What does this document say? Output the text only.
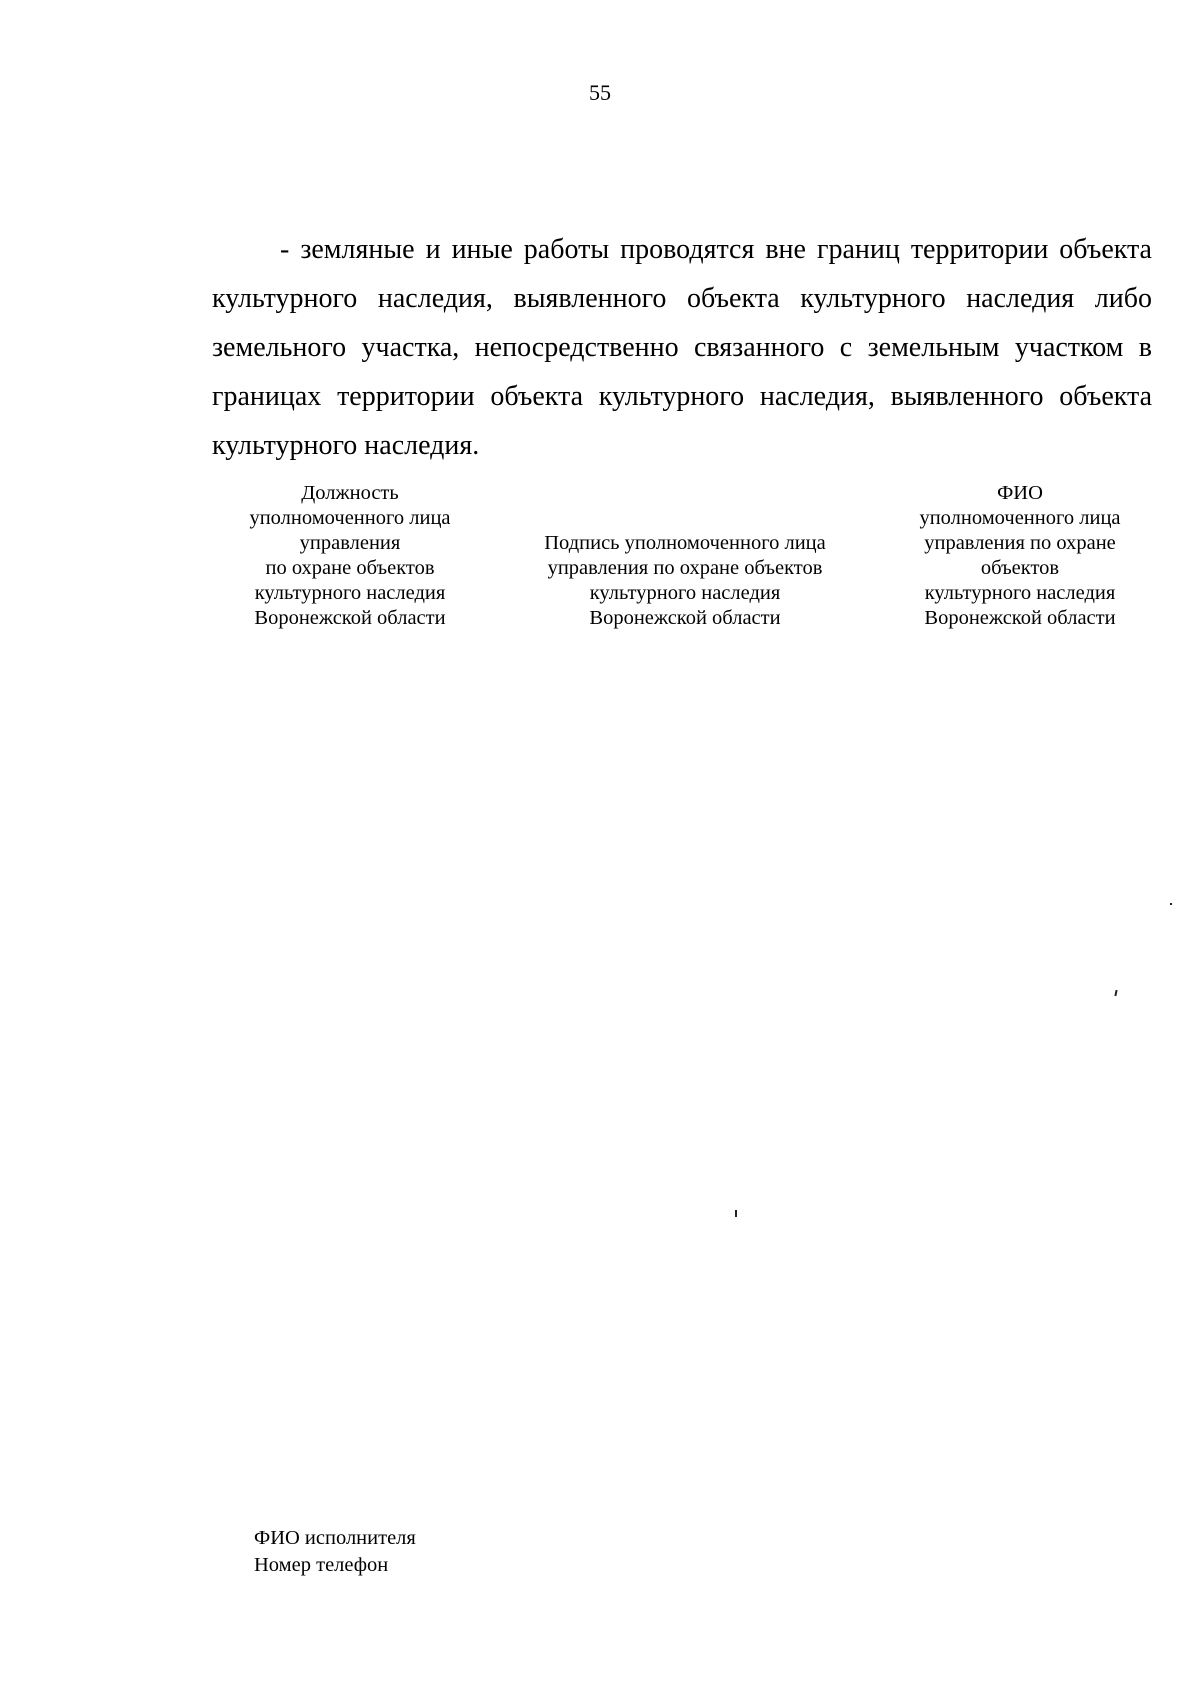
55

- земляные и иные работы проводятся вне границ территории объекта культурного наследия, выявленного объекта культурного наследия либо земельного участка, непосредственно связанного с земельным участком в границах территории объекта культурного наследия, выявленного объекта культурного наследия.

Должность
уполномоченного лица
управления
по охране объектов
культурного наследия
Воронежской области
Подпись уполномоченного лица
управления по охране объектов
культурного наследия
Воронежской области
ФИО
уполномоченного лица
управления по охране
объектов
культурного наследия
Воронежской области
ФИО исполнителя
Номер телефон
